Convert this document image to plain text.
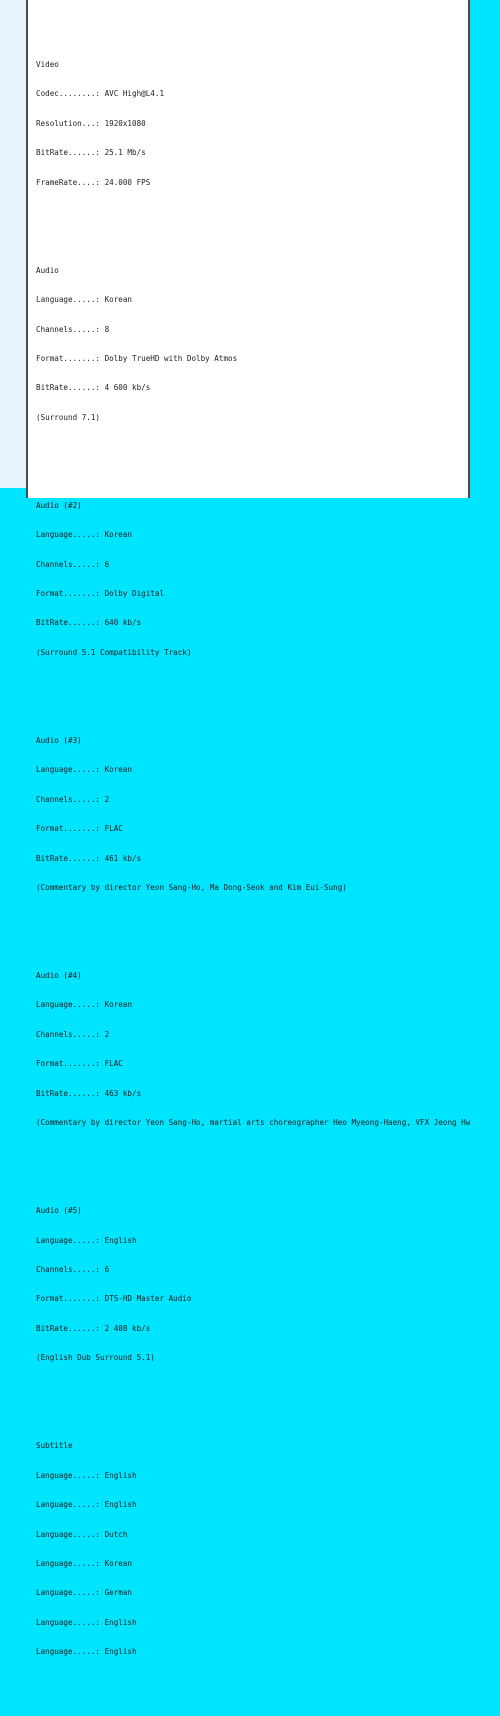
Video

Codec........: AVC High@L4.1

Resolution...: 1920x1080

BitRate......: 25.1 Mb/s

FrameRate....: 24.000 FPS

Audio

Language.....: Korean

Channels.....: 8

Format.......: Dolby TrueHD with Dolby Atmos

BitRate......: 4 600 kb/s

(Surround 7.1)

Audio (#2)

Language.....: Korean

Channels.....: 6

Format.......: Dolby Digital

BitRate......: 640 kb/s

(Surround 5.1 Compatibility Track)

Audio (#3)

Language.....: Korean

Channels.....: 2

Format.......: FLAC

BitRate......: 461 kb/s

(Commentary by director Yeon Sang-Ho, Ma Dong-Seok and Kim Eui-Sung)

Audio (#4)

Language.....: Korean

Channels.....: 2

Format.......: FLAC

BitRate......: 463 kb/s

(Commentary by director Yeon Sang-Ho, martial arts choreographer Heo Myeong-Haeng, VFX Jeong Hw

Audio (#5)

Language.....: English

Channels.....: 6

Format.......: DTS-HD Master Audio

BitRate......: 2 408 kb/s

(English Dub Surround 5.1)

Subtitle

Language.....: English

Language.....: English

Language.....: Dutch

Language.....: Korean

Language.....: German

Language.....: English

Language.....: English
